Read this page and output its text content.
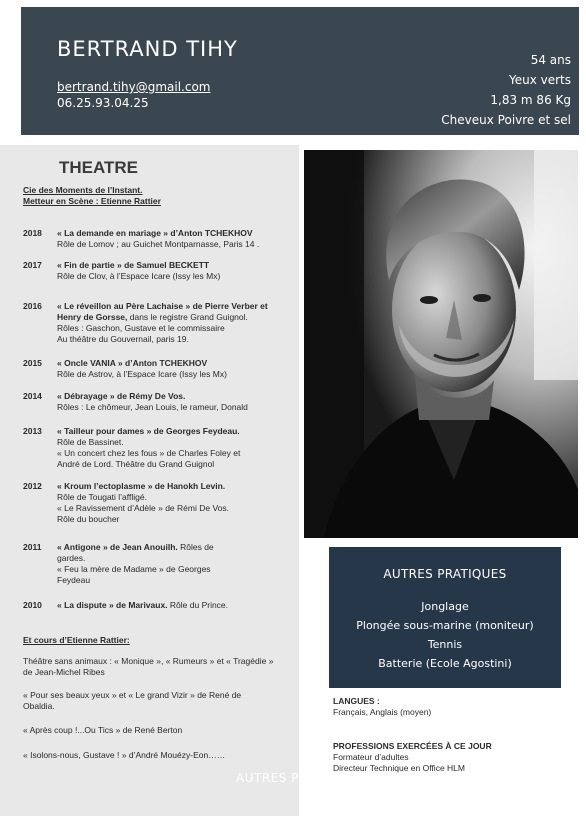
BERTRAND TIHY
bertrand.tihy@gmail.com
06.25.93.04.25
54 ans
Yeux verts
1,83 m 86 Kg
Cheveux Poivre et sel
THEATRE
Cie des Moments de l’Instant.
Metteur en Scène : Etienne Rattier
2018	« La demande en mariage » d’Anton TCHEKHOV
Rôle de Lomov ; au Guichet Montparnasse, Paris 14 .
2017	« Fin de partie » de Samuel BECKETT
Rôle de Clov, à l’Espace Icare (Issy les Mx)
2016	« Le réveillon au Père Lachaise » de Pierre Verber et
Henry de Gorsse, dans le registre Grand Guignol.
Rôles : Gaschon, Gustave et le commissaire
Au théâtre du Gouvernail, paris 19.
2015	« Oncle VANIA » d’Anton TCHEKHOV
Rôle de Astrov, à l’Espace Icare (Issy les Mx)
2014	« Débrayage » de Rémy De Vos.
Rôles : Le chômeur, Jean Louis, le rameur, Donald
2013	« Tailleur pour dames » de Georges Feydeau.
Rôle de Bassinet.
« Un concert chez les fous » de Charles Foley et
André de Lord. Théâtre du Grand Guignol
2012	« Kroum l’ectoplasme » de Hanokh Levin.
Rôle de Tougati l’affligé.
« Le Ravissement d’Adèle » de Rémi De Vos.
Rôle du boucher
2011	« Antigone » de Jean Anouilh. Rôles de
gardes.
« Feu la mère de Madame » de Georges
Feydeau
2010	« La dispute » de Marivaux. Rôle du Prince.
Et cours d’Etienne Rattier:
Théâtre sans animaux : « Monique », « Rumeurs » et « Tragédie »
de Jean-Michel Ribes
« Pour ses beaux yeux » et « Le grand Vizir » de René de
Obaldia.
« Après coup !...Ou Tics » de René Berton
« Isolons-nous, Gustave ! » d’André Mouézy-Eon……
AUTRES PRATIQUES
AUTRES PRATIQUES
Jonglage
Plongée sous-marine (moniteur)
Tennis
Batterie (Ecole Agostini)
LANGUES :
Français, Anglais (moyen)
PROFESSIONS EXERCÉES À CE JOUR
Formateur d’adultes
Directeur Technique en Office HLM
